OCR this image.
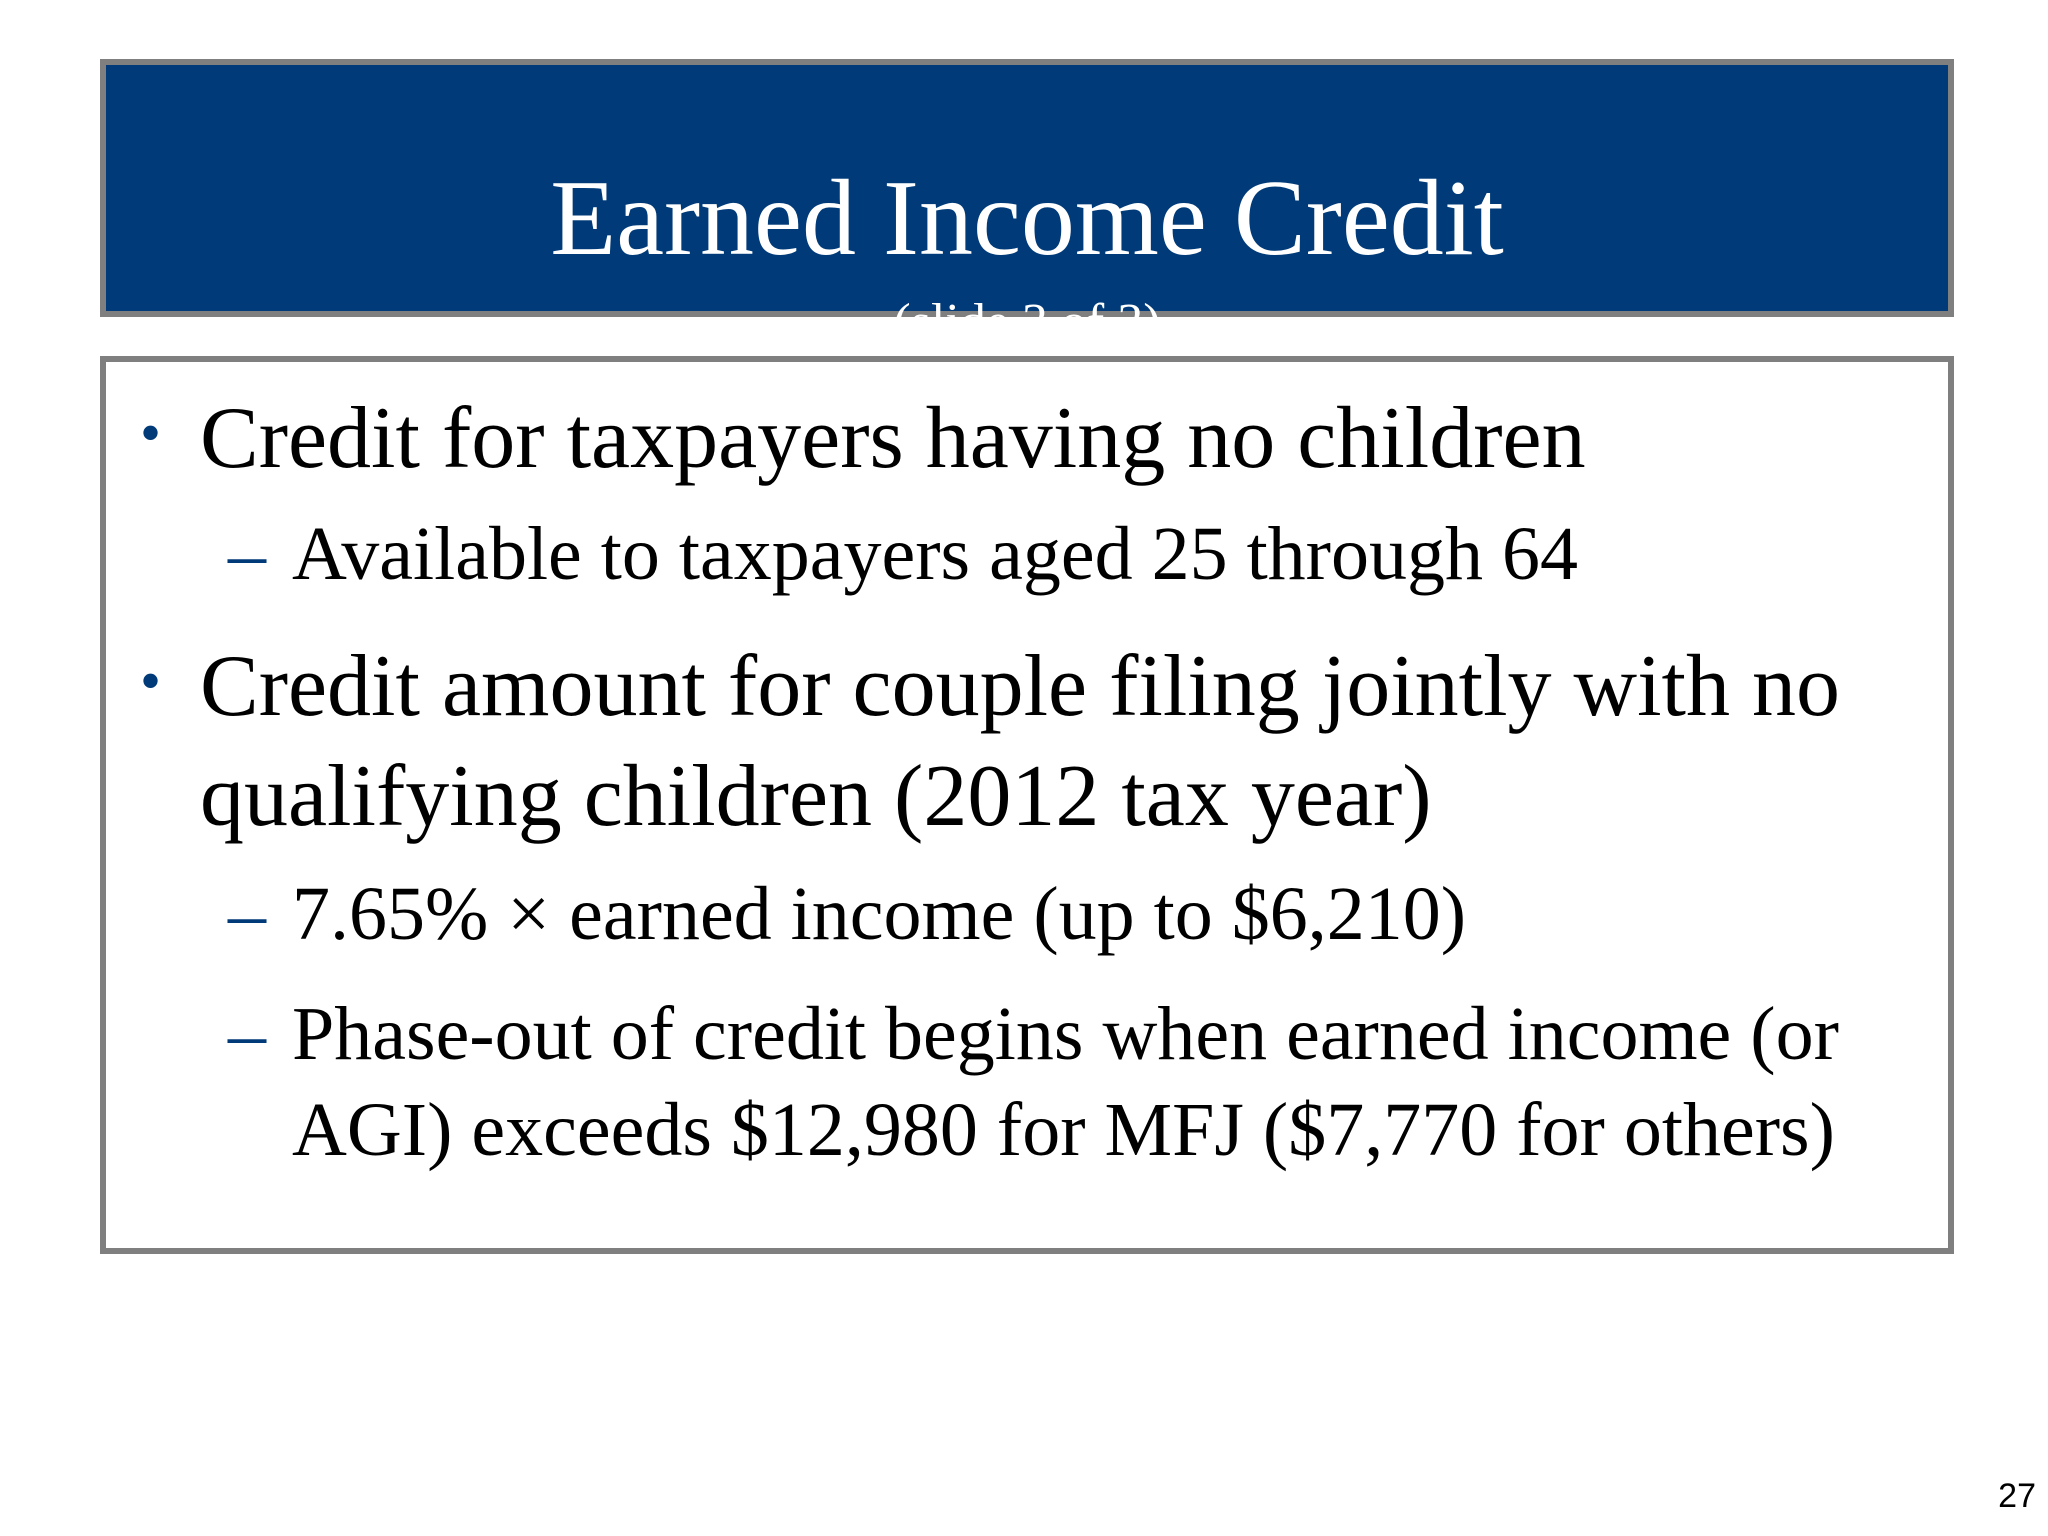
Earned Income Credit
(slide 3 of 3)
• Credit for taxpayers having no children
– Available to taxpayers aged 25 through 64
• Credit amount for couple filing jointly with no qualifying children (2012 tax year)
– 7.65% × earned income (up to $6,210)
– Phase-out of credit begins when earned income (or AGI) exceeds $12,980 for MFJ ($7,770 for others)
27
